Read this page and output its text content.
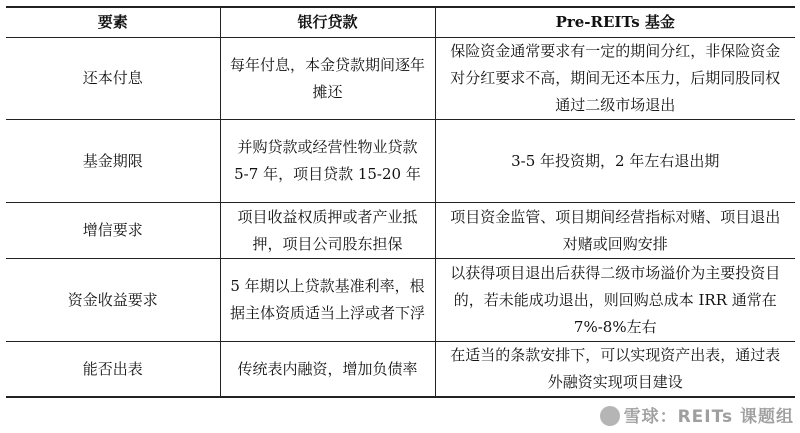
要素	银行贷款	Pre-REITs 基金
还本付息	每年付息，本金贷款期间逐年摊还	保险资金通常要求有一定的期间分红，非保险资金对分红要求不高，期间无还本压力，后期同股同权通过二级市场退出
基金期限	并购贷款或经营性物业贷款 5-7 年，项目贷款 15-20 年	3-5 年投资期，2 年左右退出期
增信要求	项目收益权质押或者产业抵押，项目公司股东担保	项目资金监管、项目期间经营指标对赌、项目退出对赌或回购安排
资金收益要求	5 年期以上贷款基准利率，根据主体资质适当上浮或者下浮	以获得项目退出后获得二级市场溢价为主要投资目的，若未能成功退出，则回购总成本 IRR 通常在 7%-8%左右
能否出表	传统表内融资，增加负债率	在适当的条款安排下，可以实现资产出表，通过表外融资实现项目建设
雪球：REITs 课题组
